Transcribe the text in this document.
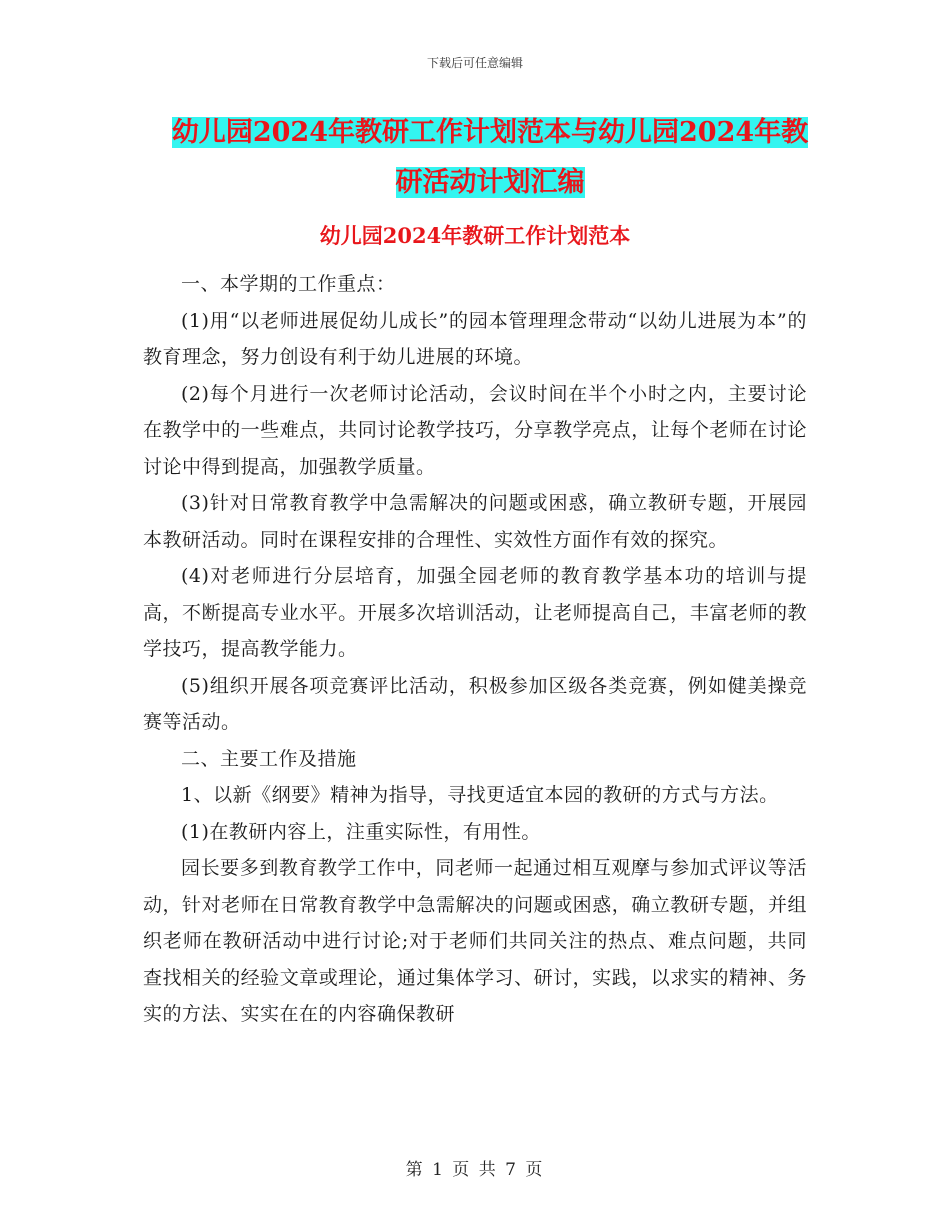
下载后可任意编辑
幼儿园2024年教研工作计划范本与幼儿园2024年教
研活动计划汇编
幼儿园2024年教研工作计划范本

一、本学期的工作重点：

(1)用“以老师进展促幼儿成长”的园本管理理念带动“以幼儿进展为本”的教育理念，努力创设有利于幼儿进展的环境。

(2)每个月进行一次老师讨论活动，会议时间在半个小时之内，主要讨论在教学中的一些难点，共同讨论教学技巧，分享教学亮点，让每个老师在讨论讨论中得到提高，加强教学质量。

(3)针对日常教育教学中急需解决的问题或困惑，确立教研专题，开展园本教研活动。同时在课程安排的合理性、实效性方面作有效的探究。

(4)对老师进行分层培育，加强全园老师的教育教学基本功的培训与提高，不断提高专业水平。开展多次培训活动，让老师提高自己，丰富老师的教学技巧，提高教学能力。

(5)组织开展各项竞赛评比活动，积极参加区级各类竞赛，例如健美操竞赛等活动。

二、主要工作及措施

1、以新《纲要》精神为指导，寻找更适宜本园的教研的方式与方法。

(1)在教研内容上，注重实际性，有用性。

园长要多到教育教学工作中，同老师一起通过相互观摩与参加式评议等活动，针对老师在日常教育教学中急需解决的问题或困惑，确立教研专题，并组织老师在教研活动中进行讨论;对于老师们共同关注的热点、难点问题，共同查找相关的经验文章或理论，通过集体学习、研讨，实践，以求实的精神、务实的方法、实实在在的内容确保教研

第 1 页 共 7 页
